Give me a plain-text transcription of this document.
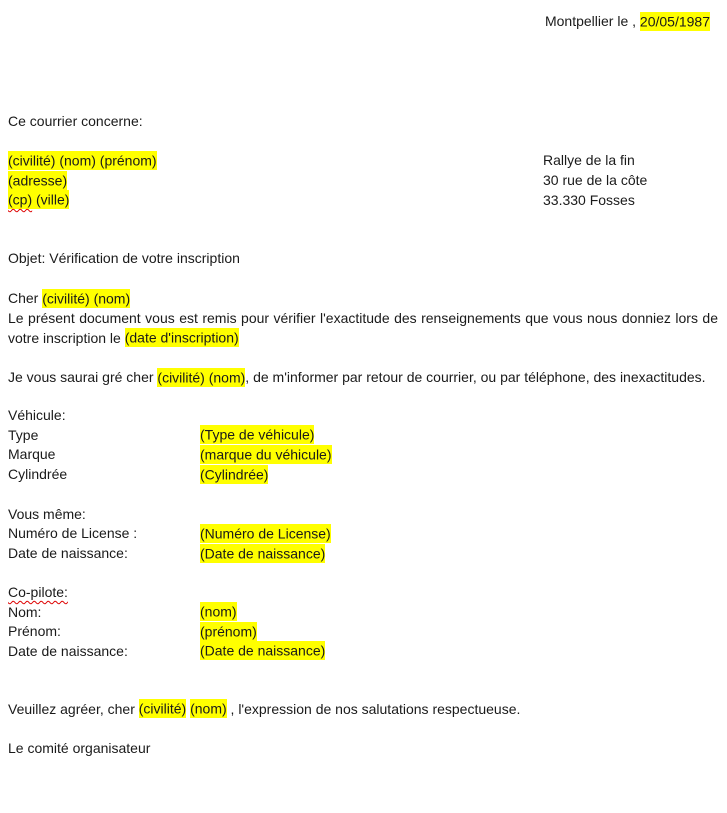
Montpellier le , 20/05/1987
Ce courrier concerne:
(civilité) (nom) (prénom)
(adresse)
(cp) (ville)
Rallye de la fin
30 rue de la côte
33.330 Fosses
Objet: Vérification de votre inscription
Cher (civilité) (nom)
Le présent document vous est remis pour vérifier l'exactitude des renseignements que vous nous donniez lors de votre inscription le (date d'inscription)
Je vous saurai gré cher (civilité) (nom), de m'informer par retour de courrier, ou par téléphone, des inexactitudes.
Véhicule:
Type	(Type de véhicule)
Marque	(marque du véhicule)
Cylindrée	(Cylindrée)
Vous même:
Numéro de License :	(Numéro de License)
Date de naissance:	(Date de naissance)
Co-pilote:
Nom:	(nom)
Prénom:	(prénom)
Date de naissance:	(Date de naissance)
Veuillez agréer, cher (civilité) (nom) , l'expression de nos salutations respectueuse.
Le comité organisateur
